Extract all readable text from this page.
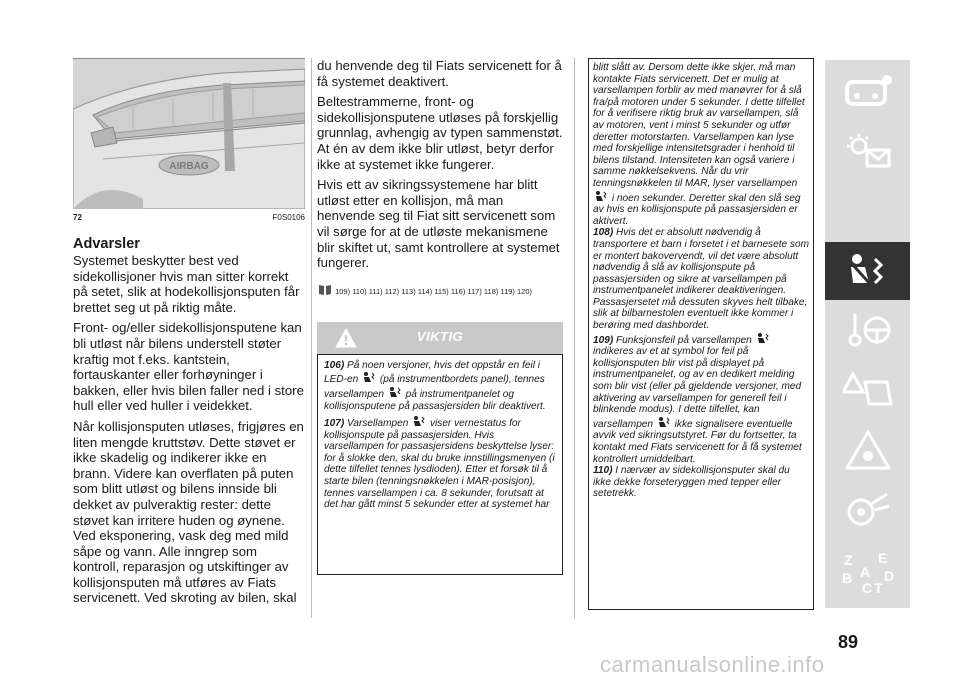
AIRBAG
72	F0S0106
Advarsler

Systemet beskytter best ved sidekollisjoner hvis man sitter korrekt på setet, slik at hodekollisjonsputen får brettet seg ut på riktig måte.

Front- og/eller sidekollisjonsputene kan bli utløst når bilens understell støter kraftig mot f.eks. kantstein, fortauskanter eller forhøyninger i bakken, eller hvis bilen faller ned i store hull eller ved huller i veidekket.

Når kollisjonsputen utløses, frigjøres en liten mengde kruttstøv. Dette støvet er ikke skadelig og indikerer ikke en brann. Videre kan overflaten på puten som blitt utløst og bilens innside bli dekket av pulveraktig rester: dette støvet kan irritere huden og øynene. Ved eksponering, vask deg med mild såpe og vann. Alle inngrep som kontroll, reparasjon og utskiftinger av kollisjonsputen må utføres av Fiats servicenett. Ved skroting av bilen, skal

du henvende deg til Fiats servicenett for å få systemet deaktivert.

Beltestrammerne, front- og sidekollisjonsputene utløses på forskjellig grunnlag, avhengig av typen sammenstøt. At én av dem ikke blir utløst, betyr derfor ikke at systemet ikke fungerer.

Hvis ett av sikringssystemene har blitt utløst etter en kollisjon, må man henvende seg til Fiat sitt servicenett som vil sørge for at de utløste mekanismene blir skiftet ut, samt kontrollere at systemet fungerer.

109) 110) 111) 112) 113) 114) 115) 116) 117) 118) 119) 120)

VIKTIG

106) På noen versjoner, hvis det oppstår en feil i LED-en (på instrumentbordets panel), tennes varsellampen på instrumentpanelet og kollisjonsputene på passasjersiden blir deaktivert.

107) Varsellampen viser vernestatus for kollisjonspute på passasjersiden. Hvis varsellampen for passasjersidens beskyttelse lyser: for å slokke den, skal du bruke innstillingsmenyen (i dette tilfellet tennes lysdioden). Etter et forsøk til å starte bilen (tenningsnøkkelen i MAR-posisjon), tennes varsellampen i ca. 8 sekunder, forutsatt at det har gått minst 5 sekunder etter at systemet har

blitt slått av. Dersom dette ikke skjer, må man kontakte Fiats servicenett. Det er mulig at varsellampen forblir av med manøvrer for å slå fra/på motoren under 5 sekunder. I dette tilfellet for å verifisere riktig bruk av varsellampen, slå av motoren, vent i minst 5 sekunder og utfør deretter motorstarten. Varsellampen kan lyse med forskjellige intensitetsgrader i henhold til bilens tilstand. Intensiteten kan også variere i samme nøkkelsekvens. Når du vrir tenningsnøkkelen til MAR, lyser varsellampen  i noen sekunder. Deretter skal den slå seg av hvis en kollisjonspute på passasjersiden er aktivert.

108) Hvis det er absolutt nødvendig å transportere et barn i forsetet i et barnesete som er montert bakovervendt, vil det være absolutt nødvendig å slå av kollisjonspute på passasjersiden og sikre at varsellampen på instrumentpanelet indikerer deaktiveringen. Passasjersetet må dessuten skyves helt tilbake, slik at bilbarnestolen eventuelt ikke kommer i berøring med dashbordet.

109) Funksjonsfeil på varsellampen  indikeres av et at symbol for feil på kollisjonsputen blir vist på displayet på instrumentpanelet, og av en dedikert melding som blir vist (eller på gjeldende versjoner, med aktivering av varsellampen for generell feil i blinkende modus). I dette tilfellet, kan varsellampen ikke signalisere eventuelle avvik ved sikringsutstyret. Før du fortsetter, ta kontakt med Fiats servicenett for å få systemet kontrollert umiddelbart.

110) I nærvær av sidekollisjonsputer skal du ikke dekke forseteryggen med tepper eller setetrekk.

Z E
B
C T
D
A
89
carmanualsonline.info
